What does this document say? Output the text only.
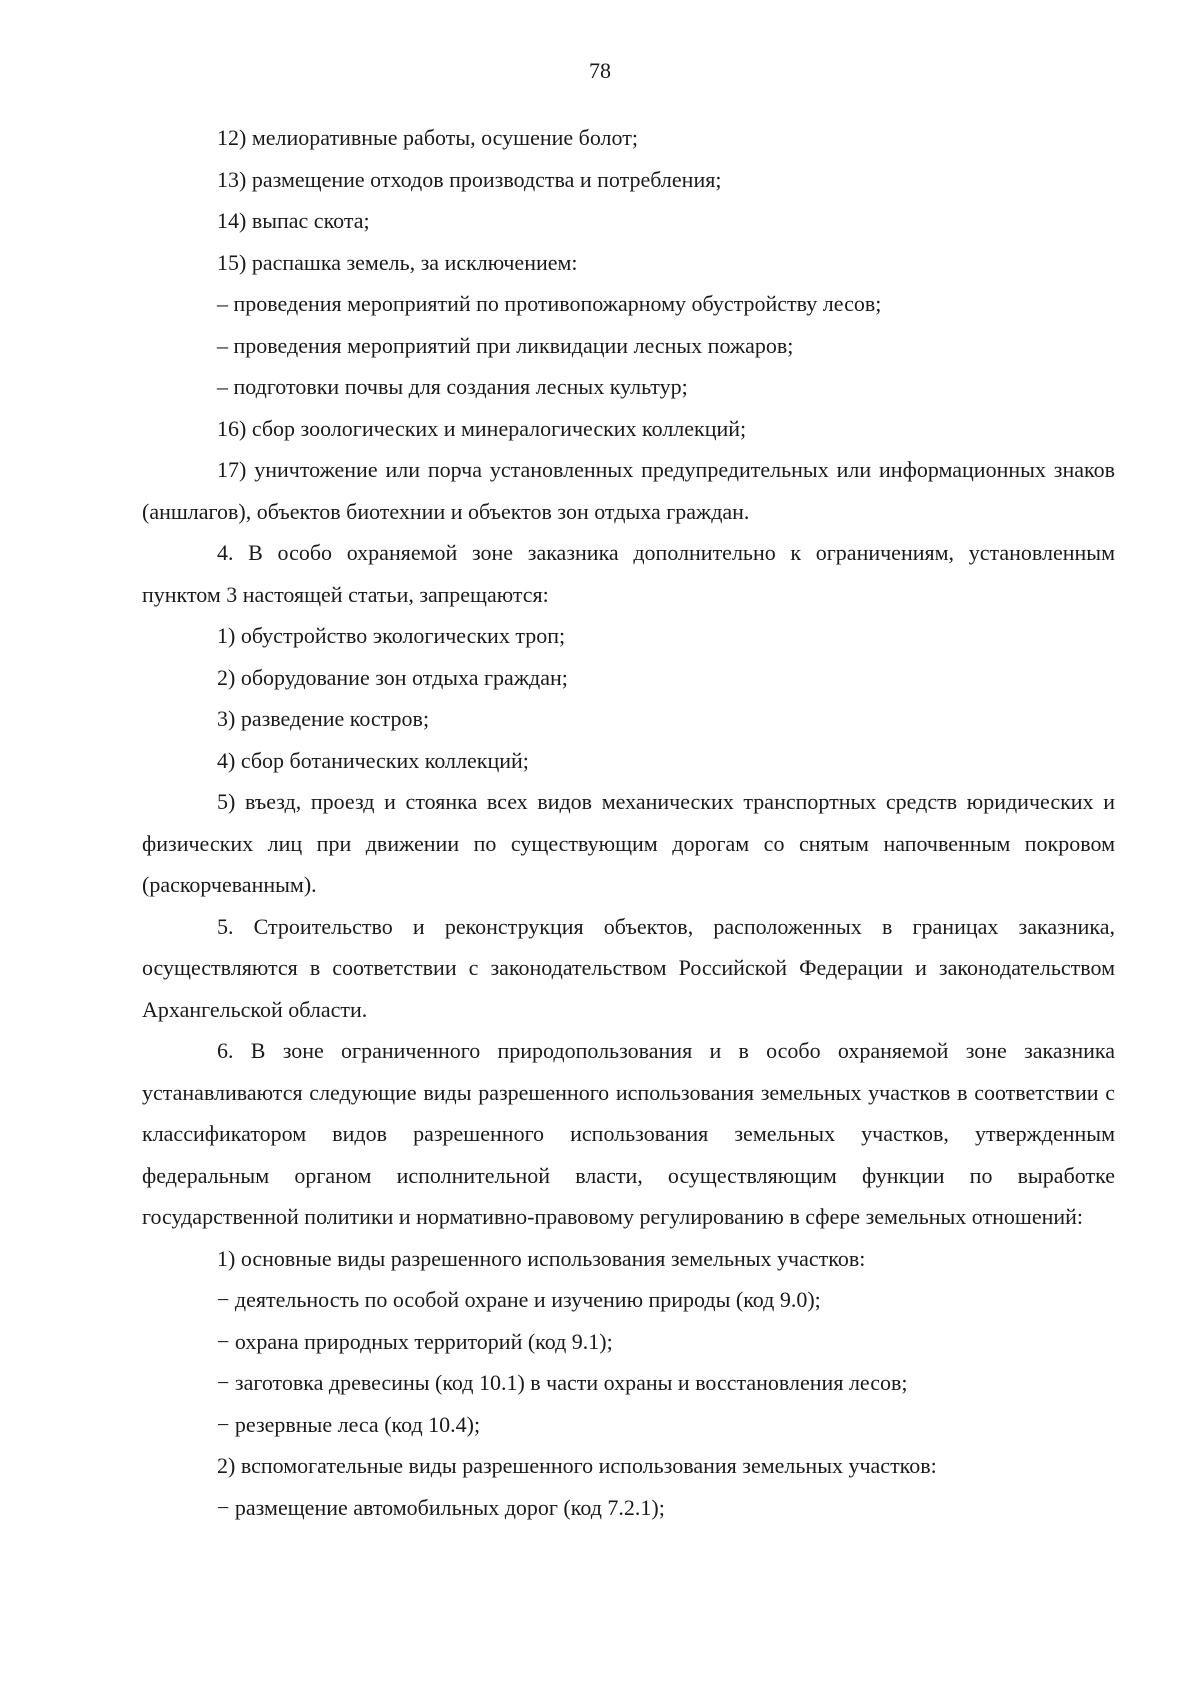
78

12) мелиоративные работы, осушение болот;

13) размещение отходов производства и потребления;

14) выпас скота;

15) распашка земель, за исключением:

– проведения мероприятий по противопожарному обустройству лесов;

– проведения мероприятий при ликвидации лесных пожаров;

– подготовки почвы для создания лесных культур;

16) сбор зоологических и минералогических коллекций;

17) уничтожение или порча установленных предупредительных или информационных знаков (аншлагов), объектов биотехнии и объектов зон отдыха граждан.

4. В особо охраняемой зоне заказника дополнительно к ограничениям, установленным пунктом 3 настоящей статьи, запрещаются:

1) обустройство экологических троп;

2) оборудование зон отдыха граждан;

3) разведение костров;

4) сбор ботанических коллекций;

5) въезд, проезд и стоянка всех видов механических транспортных средств юридических и физических лиц при движении по существующим дорогам со снятым напочвенным покровом (раскорчеванным).

5. Строительство и реконструкция объектов, расположенных в границах заказника, осуществляются в соответствии с законодательством Российской Федерации и законодательством Архангельской области.

6. В зоне ограниченного природопользования и в особо охраняемой зоне заказника устанавливаются следующие виды разрешенного использования земельных участков в соответствии с классификатором видов разрешенного использования земельных участков, утвержденным федеральным органом исполнительной власти, осуществляющим функции по выработке государственной политики и нормативно-правовому регулированию в сфере земельных отношений:

1) основные виды разрешенного использования земельных участков:

− деятельность по особой охране и изучению природы (код 9.0);

− охрана природных территорий (код 9.1);

− заготовка древесины (код 10.1) в части охраны и восстановления лесов;

− резервные леса (код 10.4);

2) вспомогательные виды разрешенного использования земельных участков:

− размещение автомобильных дорог (код 7.2.1);
